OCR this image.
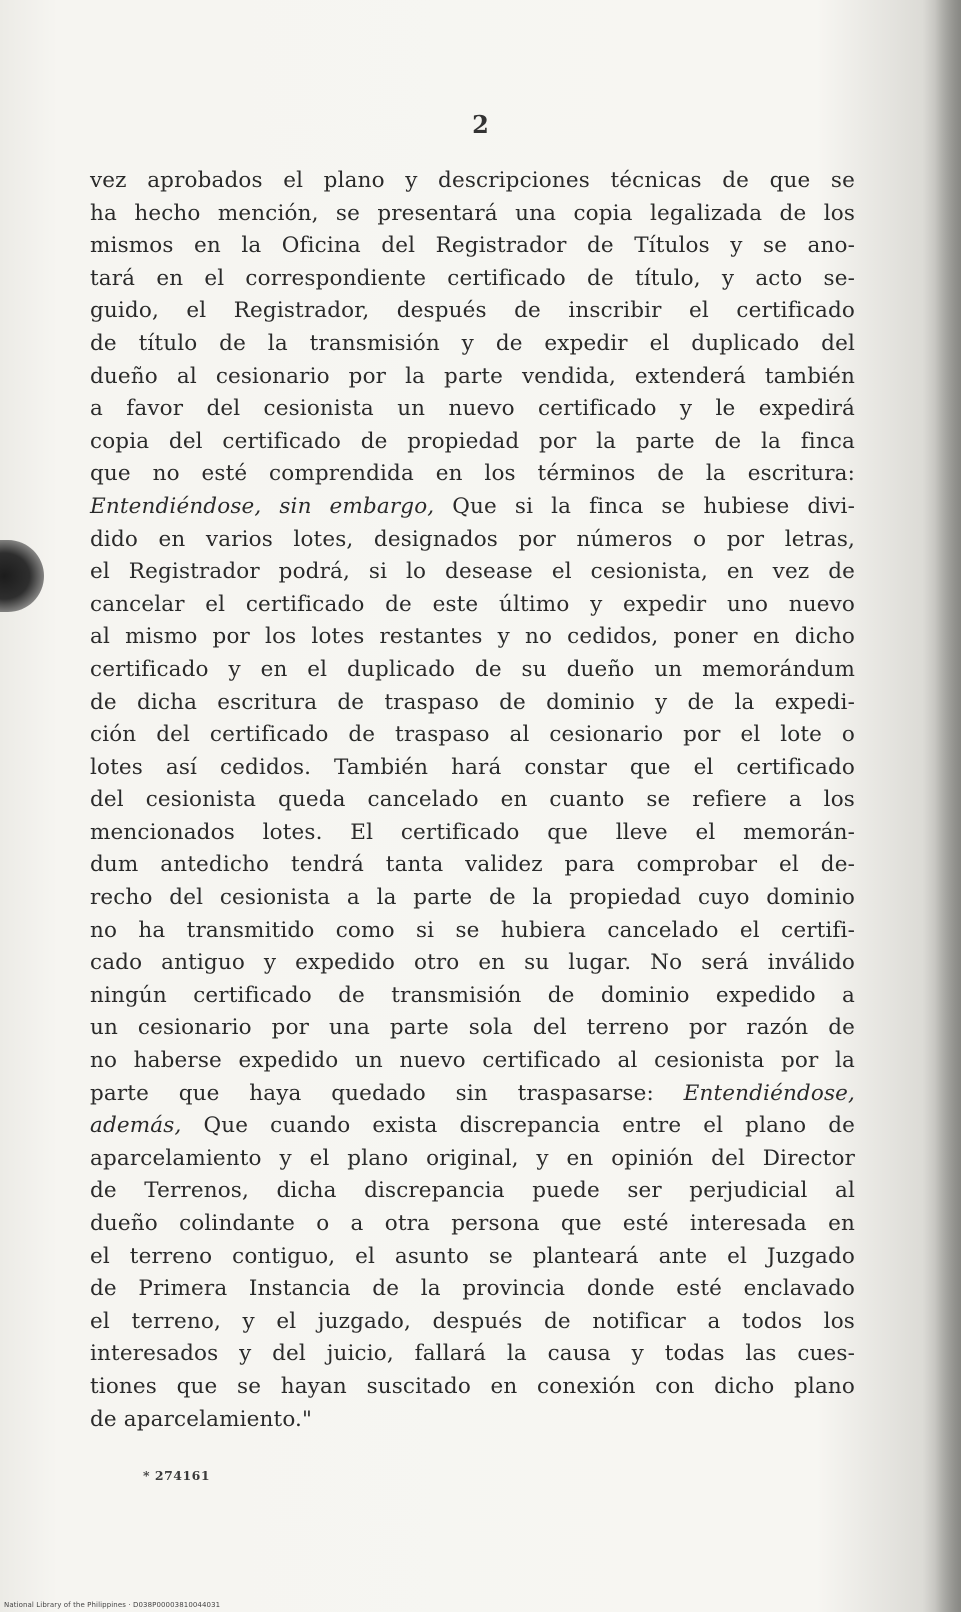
2
vez aprobados el plano y descripciones técnicas de que se
ha hecho mención, se presentará una copia legalizada de los
mismos en la Oficina del Registrador de Títulos y se ano-
tará en el correspondiente certificado de título, y acto se-
guido, el Registrador, después de inscribir el certificado
de título de la transmisión y de expedir el duplicado del
dueño al cesionario por la parte vendida, extenderá también
a favor del cesionista un nuevo certificado y le expedirá
copia del certificado de propiedad por la parte de la finca
que no esté comprendida en los términos de la escritura:
Entendiéndose, sin embargo, Que si la finca se hubiese divi-
dido en varios lotes, designados por números o por letras,
el Registrador podrá, si lo desease el cesionista, en vez de
cancelar el certificado de este último y expedir uno nuevo
al mismo por los lotes restantes y no cedidos, poner en dicho
certificado y en el duplicado de su dueño un memorándum
de dicha escritura de traspaso de dominio y de la expedi-
ción del certificado de traspaso al cesionario por el lote o
lotes así cedidos. También hará constar que el certificado
del cesionista queda cancelado en cuanto se refiere a los
mencionados lotes. El certificado que lleve el memorán-
dum antedicho tendrá tanta validez para comprobar el de-
recho del cesionista a la parte de la propiedad cuyo dominio
no ha transmitido como si se hubiera cancelado el certifi-
cado antiguo y expedido otro en su lugar. No será inválido
ningún certificado de transmisión de dominio expedido a
un cesionario por una parte sola del terreno por razón de
no haberse expedido un nuevo certificado al cesionista por la
parte que haya quedado sin traspasarse: Entendiéndose,
además, Que cuando exista discrepancia entre el plano de
aparcelamiento y el plano original, y en opinión del Director
de Terrenos, dicha discrepancia puede ser perjudicial al
dueño colindante o a otra persona que esté interesada en
el terreno contiguo, el asunto se planteará ante el Juzgado
de Primera Instancia de la provincia donde esté enclavado
el terreno, y el juzgado, después de notificar a todos los
interesados y del juicio, fallará la causa y todas las cues-
tiones que se hayan suscitado en conexión con dicho plano
de aparcelamiento."
* 274161
National Library of the Philippines · D038P00003810044031
